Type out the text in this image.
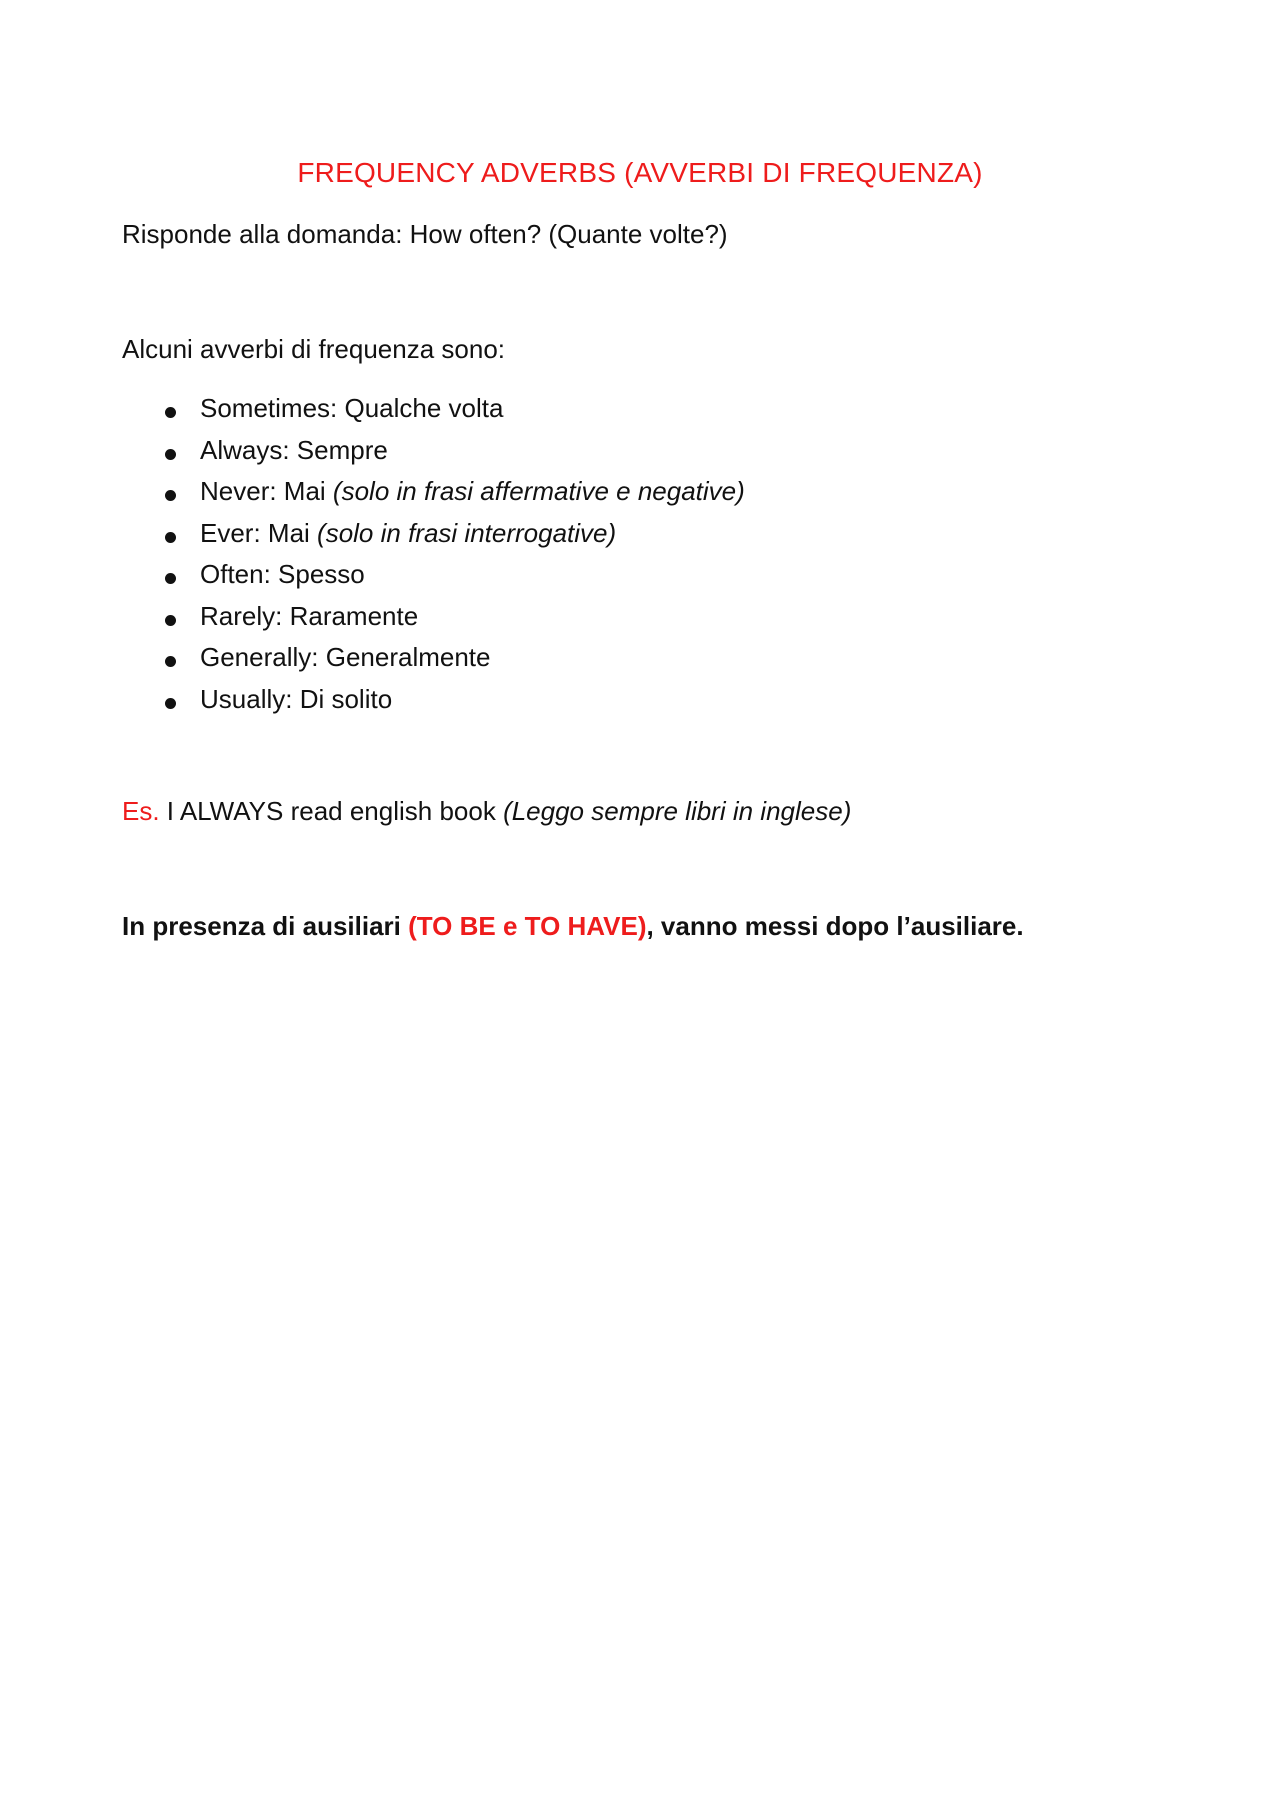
FREQUENCY ADVERBS (AVVERBI DI FREQUENZA)
Risponde alla domanda: How often? (Quante volte?)
Alcuni avverbi di frequenza sono:
Sometimes: Qualche volta
Always: Sempre
Never: Mai (solo in frasi affermative e negative)
Ever: Mai (solo in frasi interrogative)
Often: Spesso
Rarely: Raramente
Generally: Generalmente
Usually: Di solito
Es. I ALWAYS read english book (Leggo sempre libri in inglese)
In presenza di ausiliari (TO BE e TO HAVE), vanno messi dopo l’ausiliare.
